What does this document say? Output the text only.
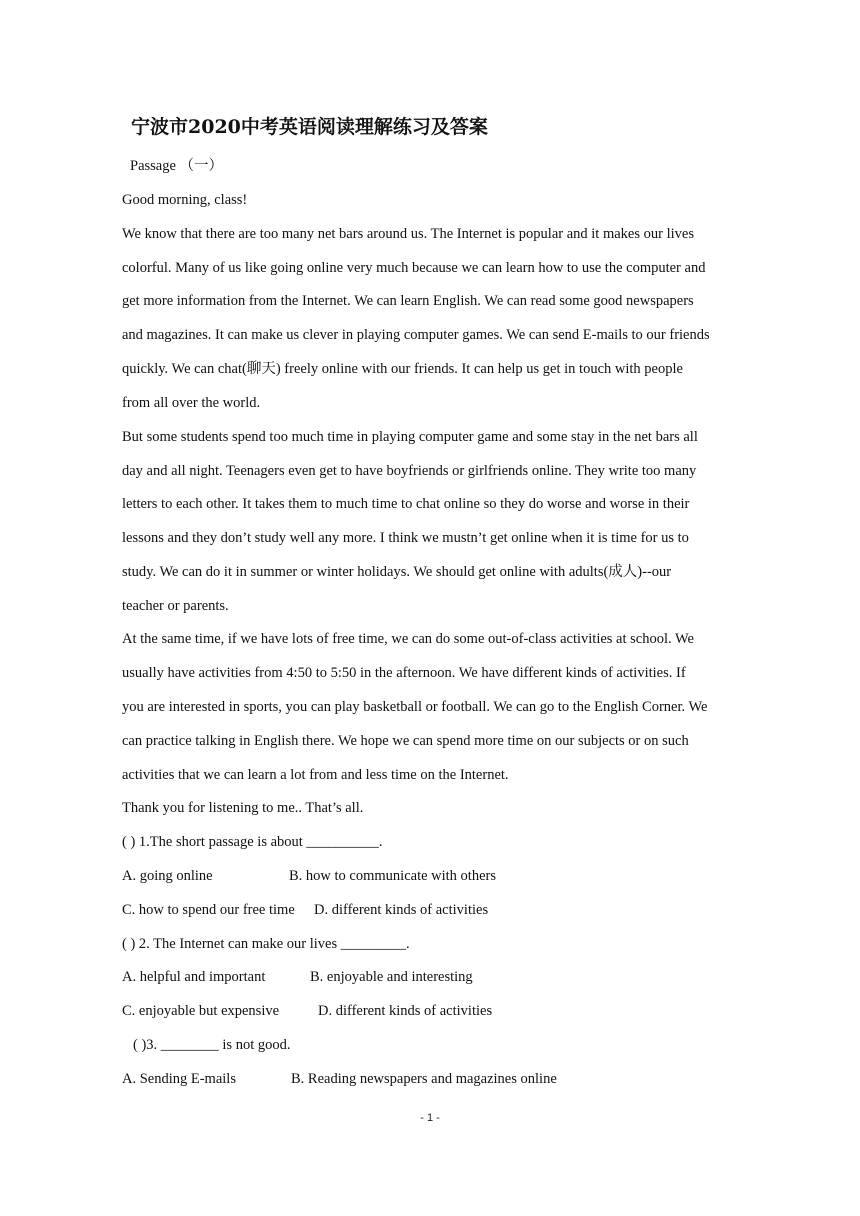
宁波市2020中考英语阅读理解练习及答案
Passage （一）
Good morning, class!
We know that there are too many net bars around us. The Internet is popular and it makes our lives
colorful. Many of us like going online very much because we can learn how to use the computer and
get more information from the Internet. We can learn English. We can read some good newspapers
and magazines. It can make us clever in playing computer games. We can send E-mails to our friends
quickly. We can chat(聊天) freely online with our friends. It can help us get in touch with people
from all over the world.
But some students spend too much time in playing computer game and some stay in the net bars all
day and all night. Teenagers even get to have boyfriends or girlfriends online. They write too many
letters to each other. It takes them to much time to chat online so they do worse and worse in their
lessons and they don’t study well any more. I think we mustn’t get online when it is time for us to
study. We can do it in summer or winter holidays. We should get online with adults(成人)--our
teacher or parents.
At the same time, if we have lots of free time, we can do some out-of-class activities at school. We
usually have activities from 4:50 to 5:50 in the afternoon. We have different kinds of activities. If
you are interested in sports, you can play basketball or football. We can go to the English Corner. We
can practice talking in English there. We hope we can spend more time on our subjects or on such
activities that we can learn a lot from and less time on the Internet.
Thank you for listening to me.. That’s all.
( ) 1.The short passage is about __________.
A. going online	B. how to communicate with others
C. how to spend our free time D. different kinds of activities
( ) 2. The Internet can make our lives _________.
A. helpful and important	B. enjoyable and interesting
C. enjoyable but expensive	D. different kinds of activities
( )3. ________ is not good.
A. Sending E-mails	B. Reading newspapers and magazines online
- 1 -
